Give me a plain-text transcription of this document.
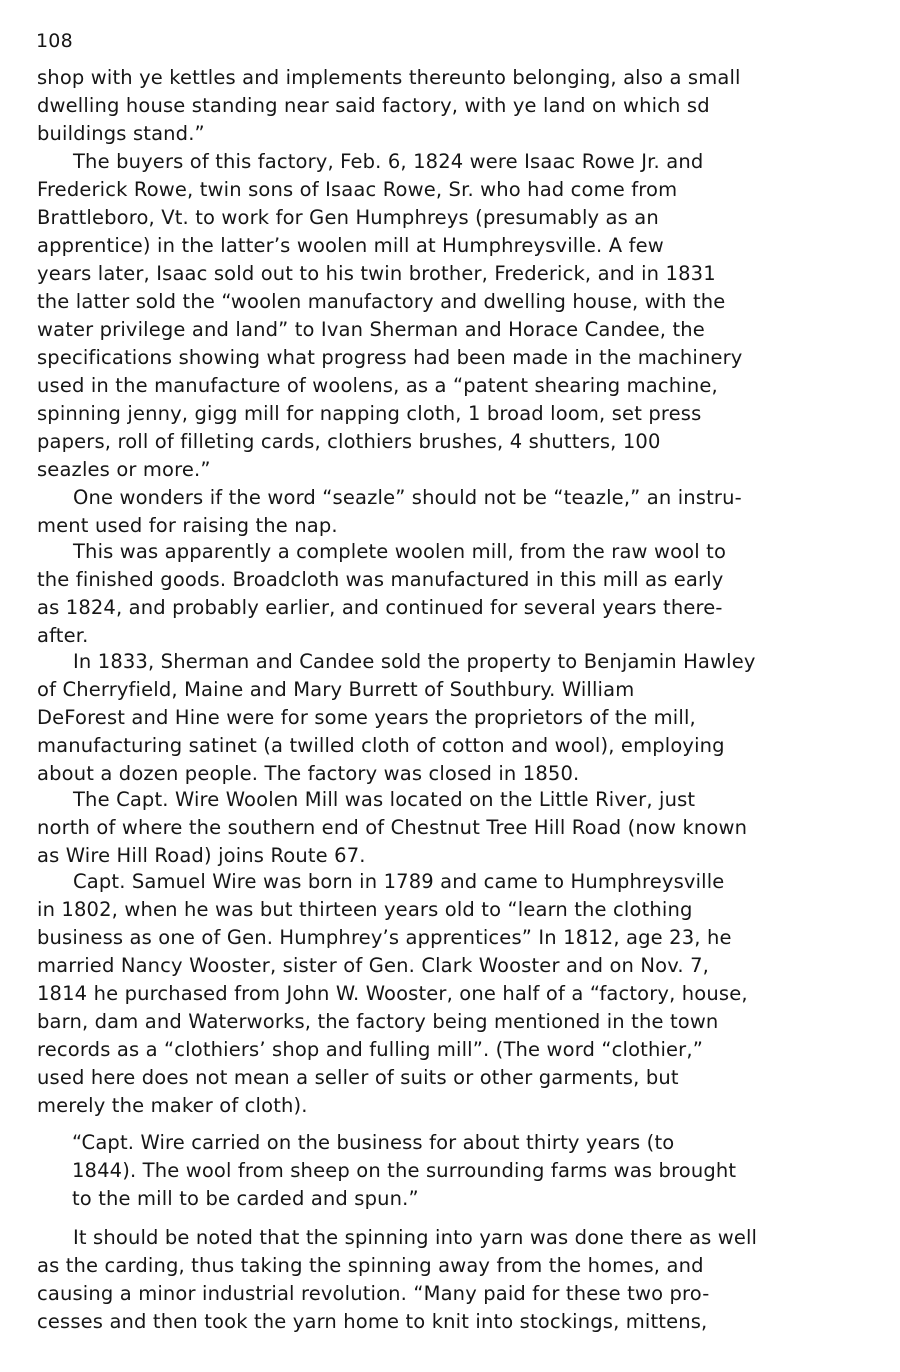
108
shop with ye kettles and implements thereunto belonging, also a small
dwelling house standing near said factory, with ye land on which sd
buildings stand.”
The buyers of this factory, Feb. 6, 1824 were Isaac Rowe Jr. and
Frederick Rowe, twin sons of Isaac Rowe, Sr. who had come from
Brattleboro, Vt. to work for Gen Humphreys (presumably as an
apprentice) in the latter’s woolen mill at Humphreysville. A few
years later, Isaac sold out to his twin brother, Frederick, and in 1831
the latter sold the “woolen manufactory and dwelling house, with the
water privilege and land” to Ivan Sherman and Horace Candee, the
specifications showing what progress had been made in the machinery
used in the manufacture of woolens, as a “patent shearing machine,
spinning jenny, gigg mill for napping cloth, 1 broad loom, set press
papers, roll of filleting cards, clothiers brushes, 4 shutters, 100
seazles or more.”
One wonders if the word “seazle” should not be “teazle,” an instru-
ment used for raising the nap.
This was apparently a complete woolen mill, from the raw wool to
the finished goods. Broadcloth was manufactured in this mill as early
as 1824, and probably earlier, and continued for several years there-
after.
In 1833, Sherman and Candee sold the property to Benjamin Hawley
of Cherryfield, Maine and Mary Burrett of Southbury. William
DeForest and Hine were for some years the proprietors of the mill,
manufacturing satinet (a twilled cloth of cotton and wool), employing
about a dozen people. The factory was closed in 1850.
The Capt. Wire Woolen Mill was located on the Little River, just
north of where the southern end of Chestnut Tree Hill Road (now known
as Wire Hill Road) joins Route 67.
Capt. Samuel Wire was born in 1789 and came to Humphreysville
in 1802, when he was but thirteen years old to “learn the clothing
business as one of Gen. Humphrey’s apprentices” In 1812, age 23, he
married Nancy Wooster, sister of Gen. Clark Wooster and on Nov. 7,
1814 he purchased from John W. Wooster, one half of a “factory, house,
barn, dam and Waterworks, the factory being mentioned in the town
records as a “clothiers’ shop and fulling mill”. (The word “clothier,”
used here does not mean a seller of suits or other garments, but
merely the maker of cloth).
“Capt. Wire carried on the business for about thirty years (to
1844). The wool from sheep on the surrounding farms was brought
to the mill to be carded and spun.”
It should be noted that the spinning into yarn was done there as well
as the carding, thus taking the spinning away from the homes, and
causing a minor industrial revolution. “Many paid for these two pro-
cesses and then took the yarn home to knit into stockings, mittens,
